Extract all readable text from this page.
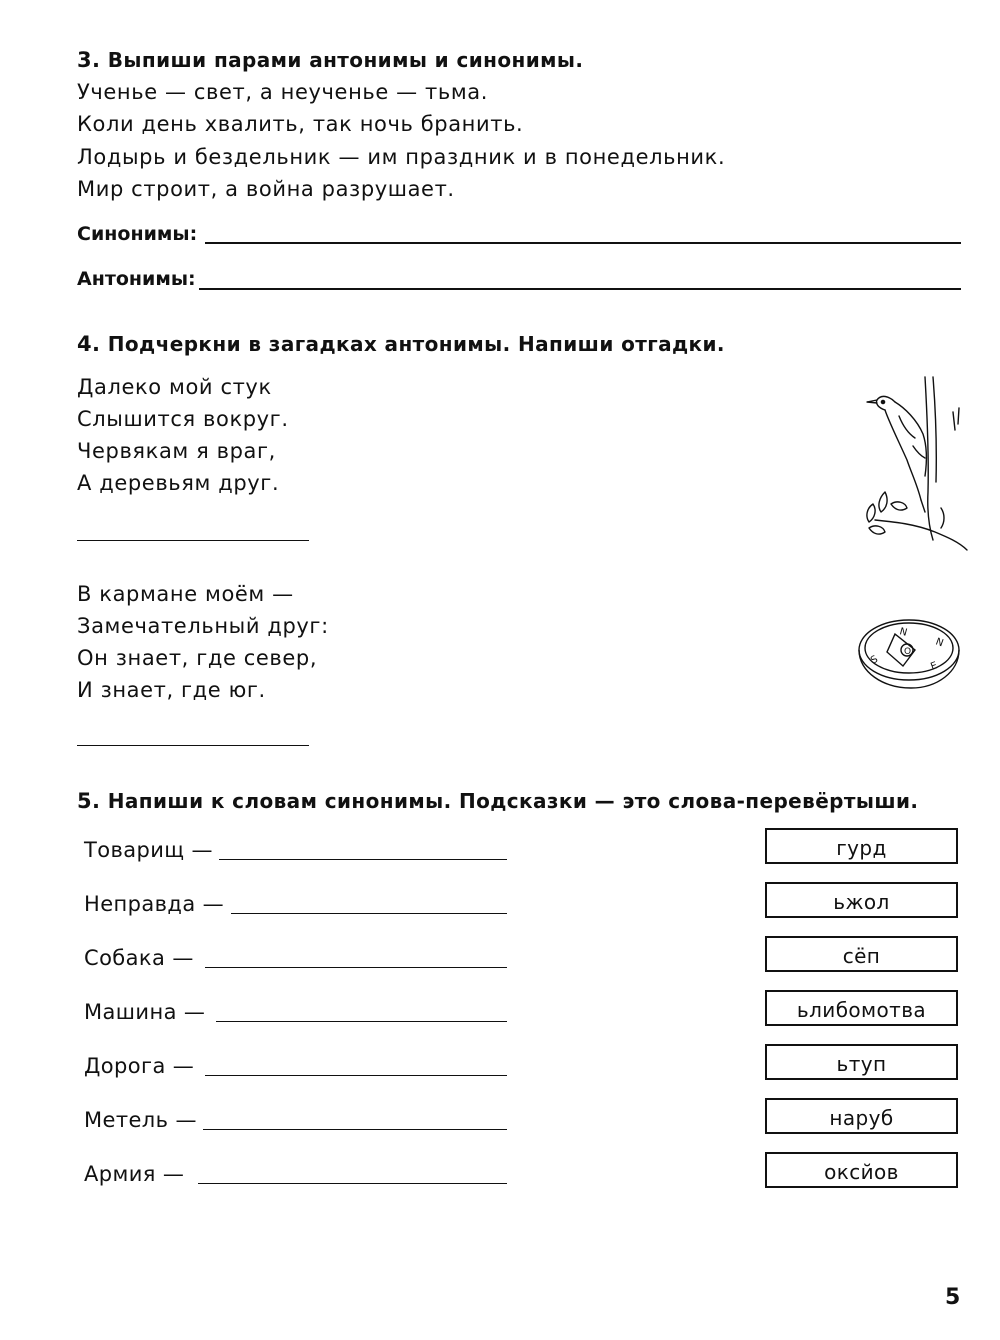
3. Выпиши парами антонимы и синонимы.
Ученье — свет, а неученье — тьма.
Коли день хвалить, так ночь бранить.
Лодырь и бездельник — им праздник и в понедельник.
Мир строит, а война разрушает.
Синонимы:
Антонимы:
4. Подчеркни в загадках антонимы. Напиши отгадки.
Далеко мой стук
Слышится вокруг.
Червякам я враг,
А деревьям друг.
В кармане моём —
Замечательный друг:
Он знает, где север,
И знает, где юг.
N
N
S	E
O
5. Напиши к словам синонимы. Подсказки — это слова-перевёртыши.
Товарищ —
Неправда —
Собака —
Машина —
Дорога —
Метель —
Армия —
гурд
ьжол
сёп
ьлибомотва
ьтуп
наруб
оксйов
5
